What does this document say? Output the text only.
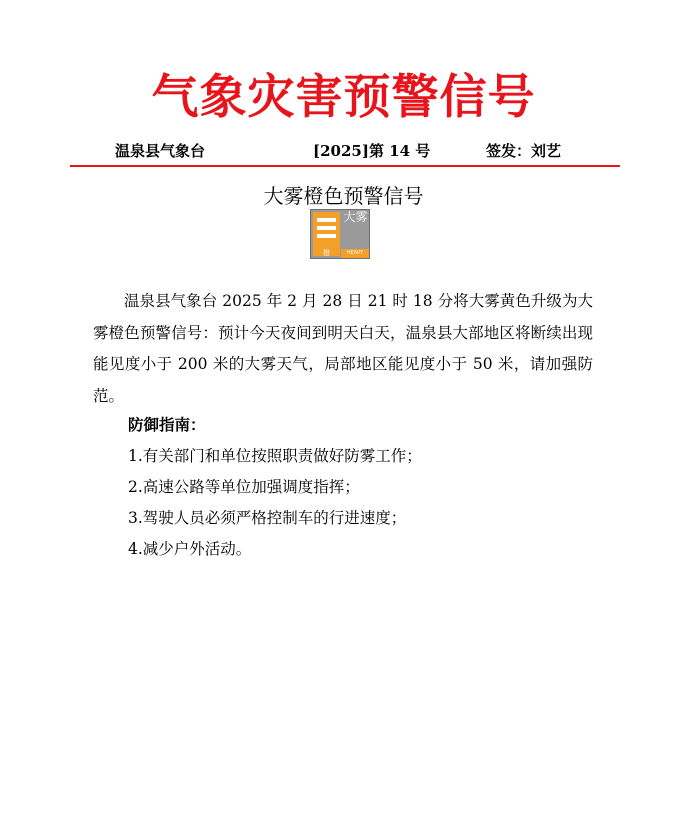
气象灾害预警信号
温泉县气象台	[2025]第 14 号	签发：刘艺
大雾橙色预警信号
橙
大雾
HEAVY FOG

温泉县气象台 2025 年 2 月 28 日 21 时 18 分将大雾黄色升级为大雾橙色预警信号：预计今天夜间到明天白天，温泉县大部地区将断续出现能见度小于 200 米的大雾天气，局部地区能见度小于 50 米，请加强防范。

防御指南：
1.有关部门和单位按照职责做好防雾工作；
2.高速公路等单位加强调度指挥；
3.驾驶人员必须严格控制车的行进速度；
4.减少户外活动。
